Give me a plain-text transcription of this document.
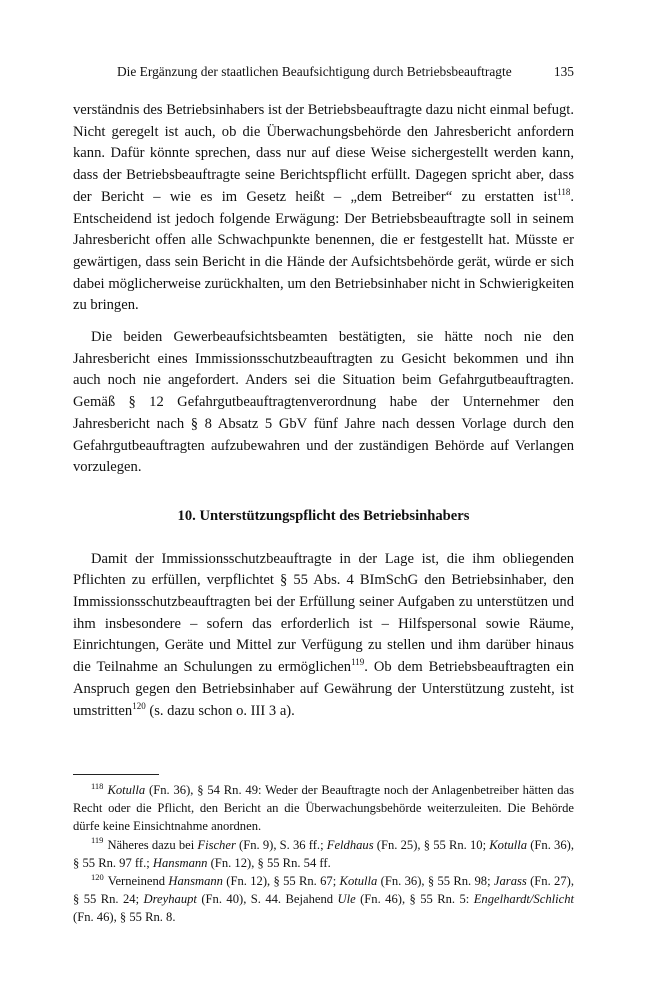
Die Ergänzung der staatlichen Beaufsichtigung durch Betriebsbeauftragte	135

verständnis des Betriebsinhabers ist der Betriebsbeauftragte dazu nicht einmal befugt. Nicht geregelt ist auch, ob die Überwachungsbehörde den Jahresbericht anfordern kann. Dafür könnte sprechen, dass nur auf diese Weise sichergestellt werden kann, dass der Betriebsbeauftragte seine Berichtspflicht erfüllt. Dagegen spricht aber, dass der Bericht – wie es im Gesetz heißt – „dem Betreiber“ zu erstatten ist$^{118}$. Entscheidend ist jedoch folgende Erwägung: Der Betriebsbeauftragte soll in seinem Jahresbericht offen alle Schwachpunkte benennen, die er festgestellt hat. Müsste er gewärtigen, dass sein Bericht in die Hände der Aufsichtsbehörde gerät, würde er sich dabei möglicherweise zurückhalten, um den Betriebsinhaber nicht in Schwierigkeiten zu bringen.

Die beiden Gewerbeaufsichtsbeamten bestätigten, sie hätte noch nie den Jahresbericht eines Immissionsschutzbeauftragten zu Gesicht bekommen und ihn auch noch nie angefordert. Anders sei die Situation beim Gefahrgutbeauftragten. Gemäß § 12 Gefahrgutbeauftragtenverordnung habe der Unternehmer den Jahresbericht nach § 8 Absatz 5 GbV fünf Jahre nach dessen Vorlage durch den Gefahrgutbeauftragten aufzubewahren und der zuständigen Behörde auf Verlangen vorzulegen.

10. Unterstützungspflicht des Betriebsinhabers

Damit der Immissionsschutzbeauftragte in der Lage ist, die ihm obliegenden Pflichten zu erfüllen, verpflichtet § 55 Abs. 4 BImSchG den Betriebsinhaber, den Immissionsschutzbeauftragten bei der Erfüllung seiner Aufgaben zu unterstützen und ihm insbesondere – sofern das erforderlich ist – Hilfspersonal sowie Räume, Einrichtungen, Geräte und Mittel zur Verfügung zu stellen und ihm darüber hinaus die Teilnahme an Schulungen zu ermöglichen$^{119}$. Ob dem Betriebsbeauftragten ein Anspruch gegen den Betriebsinhaber auf Gewährung der Unterstützung zusteht, ist umstritten$^{120}$ (s. dazu schon o. III 3 a).

$^{118}$ Kotulla (Fn. 36), § 54 Rn. 49: Weder der Beauftragte noch der Anlagenbetreiber hätten das Recht oder die Pflicht, den Bericht an die Überwachungsbehörde weiterzuleiten. Die Behörde dürfe keine Einsichtnahme anordnen.

$^{119}$ Näheres dazu bei Fischer (Fn. 9), S. 36 ff.; Feldhaus (Fn. 25), § 55 Rn. 10; Kotulla (Fn. 36), § 55 Rn. 97 ff.; Hansmann (Fn. 12), § 55 Rn. 54 ff.

$^{120}$ Verneinend Hansmann (Fn. 12), § 55 Rn. 67; Kotulla (Fn. 36), § 55 Rn. 98; Jarass (Fn. 27), § 55 Rn. 24; Dreyhaupt (Fn. 40), S. 44. Bejahend Ule (Fn. 46), § 55 Rn. 5: Engelhardt/Schlicht (Fn. 46), § 55 Rn. 8.
